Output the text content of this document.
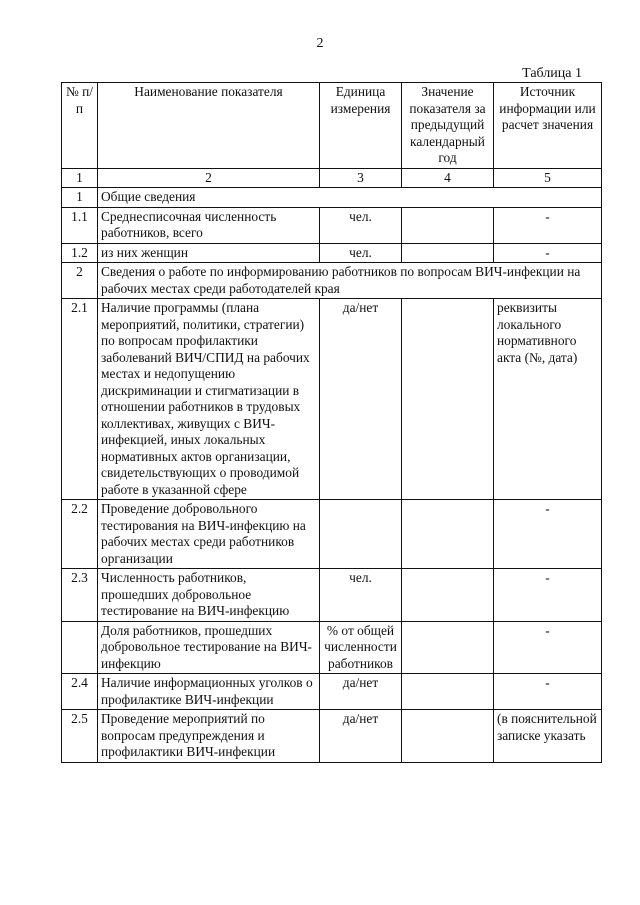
2
Таблица 1
№ п/п	Наименование показателя	Единица измерения	Значение показателя за предыдущий календарный год	Источник информации или расчет значения
1	2	3	4	5
1	Общие сведения			
1.1	Среднесписочная численность работников, всего	чел.		-
1.2	из них женщин	чел.		-
2	Сведения о работе по информированию работников по вопросам ВИЧ-инфекции на рабочих местах среди работодателей края			
2.1	Наличие программы (плана мероприятий, политики, стратегии) по вопросам профилактики заболеваний ВИЧ/СПИД на рабочих местах и недопущению дискриминации и стигматизации в отношении работников в трудовых коллективах, живущих с ВИЧ-инфекцией, иных локальных нормативных актов организации, свидетельствующих о проводимой работе в указанной сфере	да/нет		реквизиты локального нормативного акта (№, дата)
2.2	Проведение добровольного тестирования на ВИЧ-инфекцию на рабочих местах среди работников организации			-
2.3	Численность работников, прошедших добровольное тестирование на ВИЧ-инфекцию	чел.		-
	Доля работников, прошедших добровольное тестирование на ВИЧ-инфекцию	% от общей численности работников		-
2.4	Наличие информационных уголков о профилактике ВИЧ-инфекции	да/нет		-
2.5	Проведение мероприятий по вопросам предупреждения и профилактики ВИЧ-инфекции	да/нет		(в пояснительной записке указать
